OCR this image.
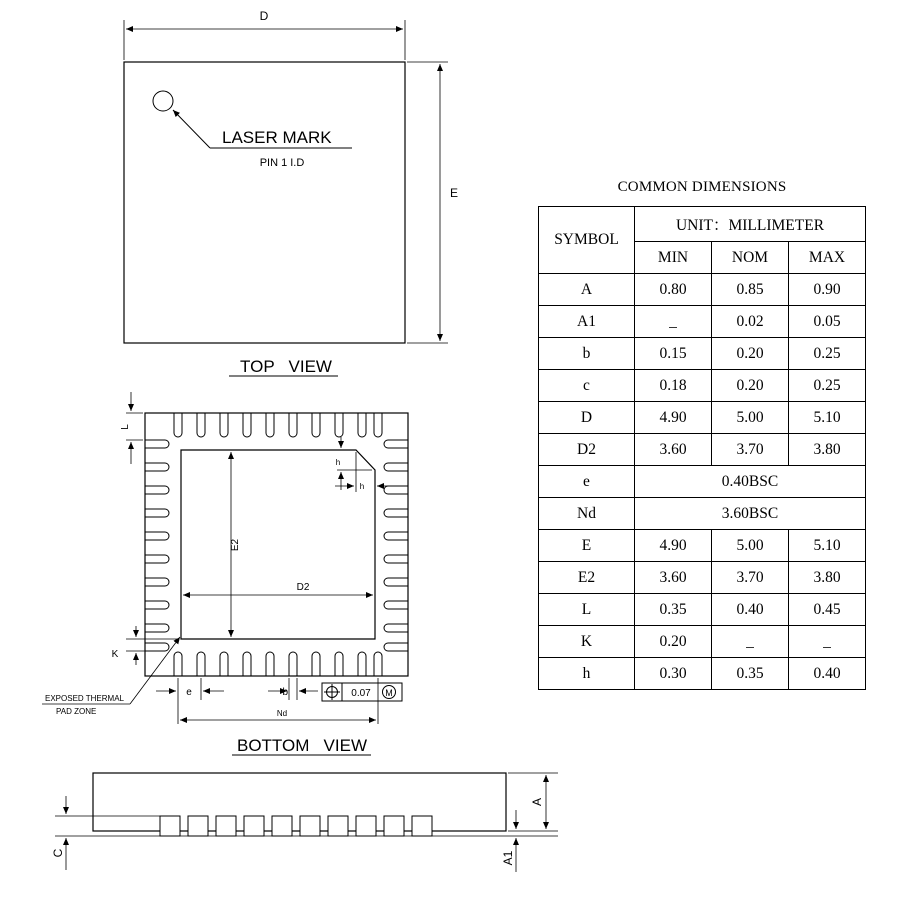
D
E
LASER MARK
PIN 1 I.D
TOP   VIEW
L
E2
D2
h
h
K
e	b	0.07 M
Nd
EXPOSED THERMAL
PAD ZONE
BOTTOM   VIEW
A
A1
C
COMMON DIMENSIONS
SYMBOL	UNIT：MILLIMETER		
	MIN	NOM	MAX
A	0.80	0.85	0.90
A1	_	0.02	0.05
b	0.15	0.20	0.25
c	0.18	0.20	0.25
D	4.90	5.00	5.10
D2	3.60	3.70	3.80
e	0.40BSC		
Nd	3.60BSC		
E	4.90	5.00	5.10
E2	3.60	3.70	3.80
L	0.35	0.40	0.45
K	0.20	_	_
h	0.30	0.35	0.40
